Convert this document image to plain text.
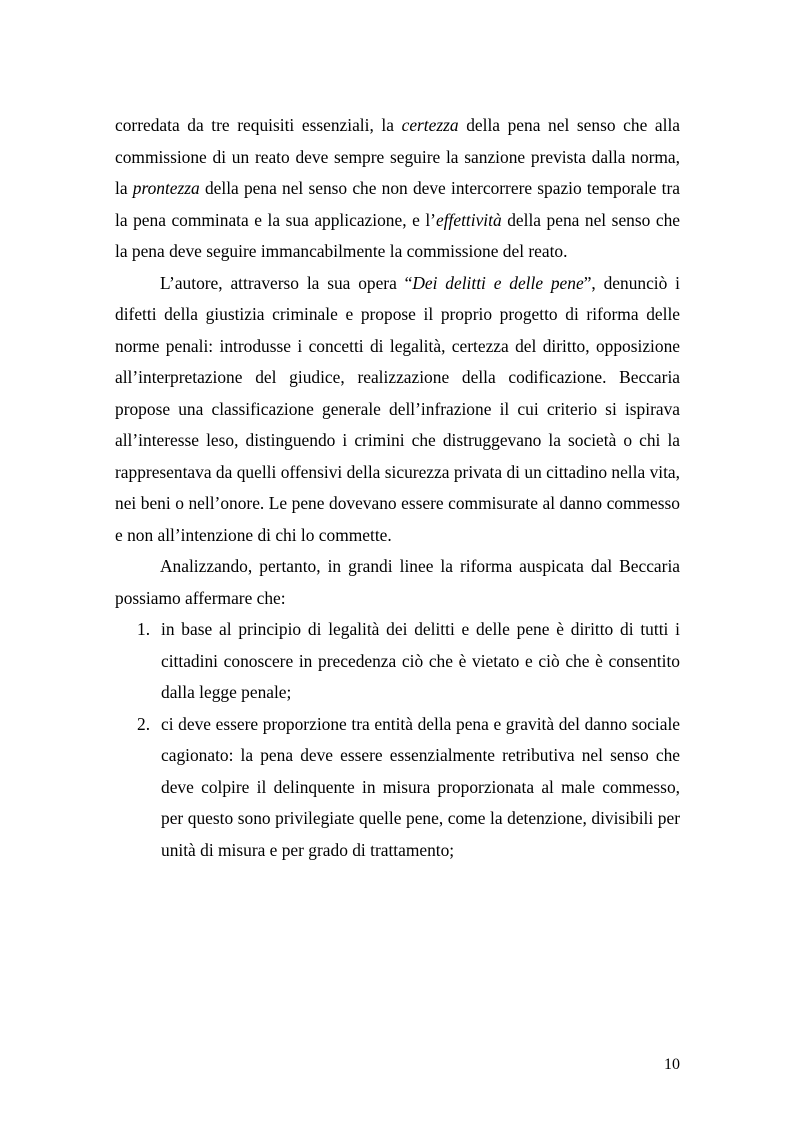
corredata da tre requisiti essenziali, la certezza della pena nel senso che alla commissione di un reato deve sempre seguire la sanzione prevista dalla norma, la prontezza della pena nel senso che non deve intercorrere spazio temporale tra la pena comminata e la sua applicazione, e l’effettività della pena nel senso che la pena deve seguire immancabilmente la commissione del reato.

L’autore, attraverso la sua opera “Dei delitti e delle pene”, denunciò i difetti della giustizia criminale e propose il proprio progetto di riforma delle norme penali: introdusse i concetti di legalità, certezza del diritto, opposizione all’interpretazione del giudice, realizzazione della codificazione. Beccaria propose una classificazione generale dell’infrazione il cui criterio si ispirava all’interesse leso, distinguendo i crimini che distruggevano la società o chi la rappresentava da quelli offensivi della sicurezza privata di un cittadino nella vita, nei beni o nell’onore. Le pene dovevano essere commisurate al danno commesso e non all’intenzione di chi lo commette.

Analizzando, pertanto, in grandi linee la riforma auspicata dal Beccaria possiamo affermare che:

1. in base al principio di legalità dei delitti e delle pene è diritto di tutti i cittadini conoscere in precedenza ciò che è vietato e ciò che è consentito dalla legge penale;
2. ci deve essere proporzione tra entità della pena e gravità del danno sociale cagionato: la pena deve essere essenzialmente retributiva nel senso che deve colpire il delinquente in misura proporzionata al male commesso, per questo sono privilegiate quelle pene, come la detenzione, divisibili per unità di misura e per grado di trattamento;
10
